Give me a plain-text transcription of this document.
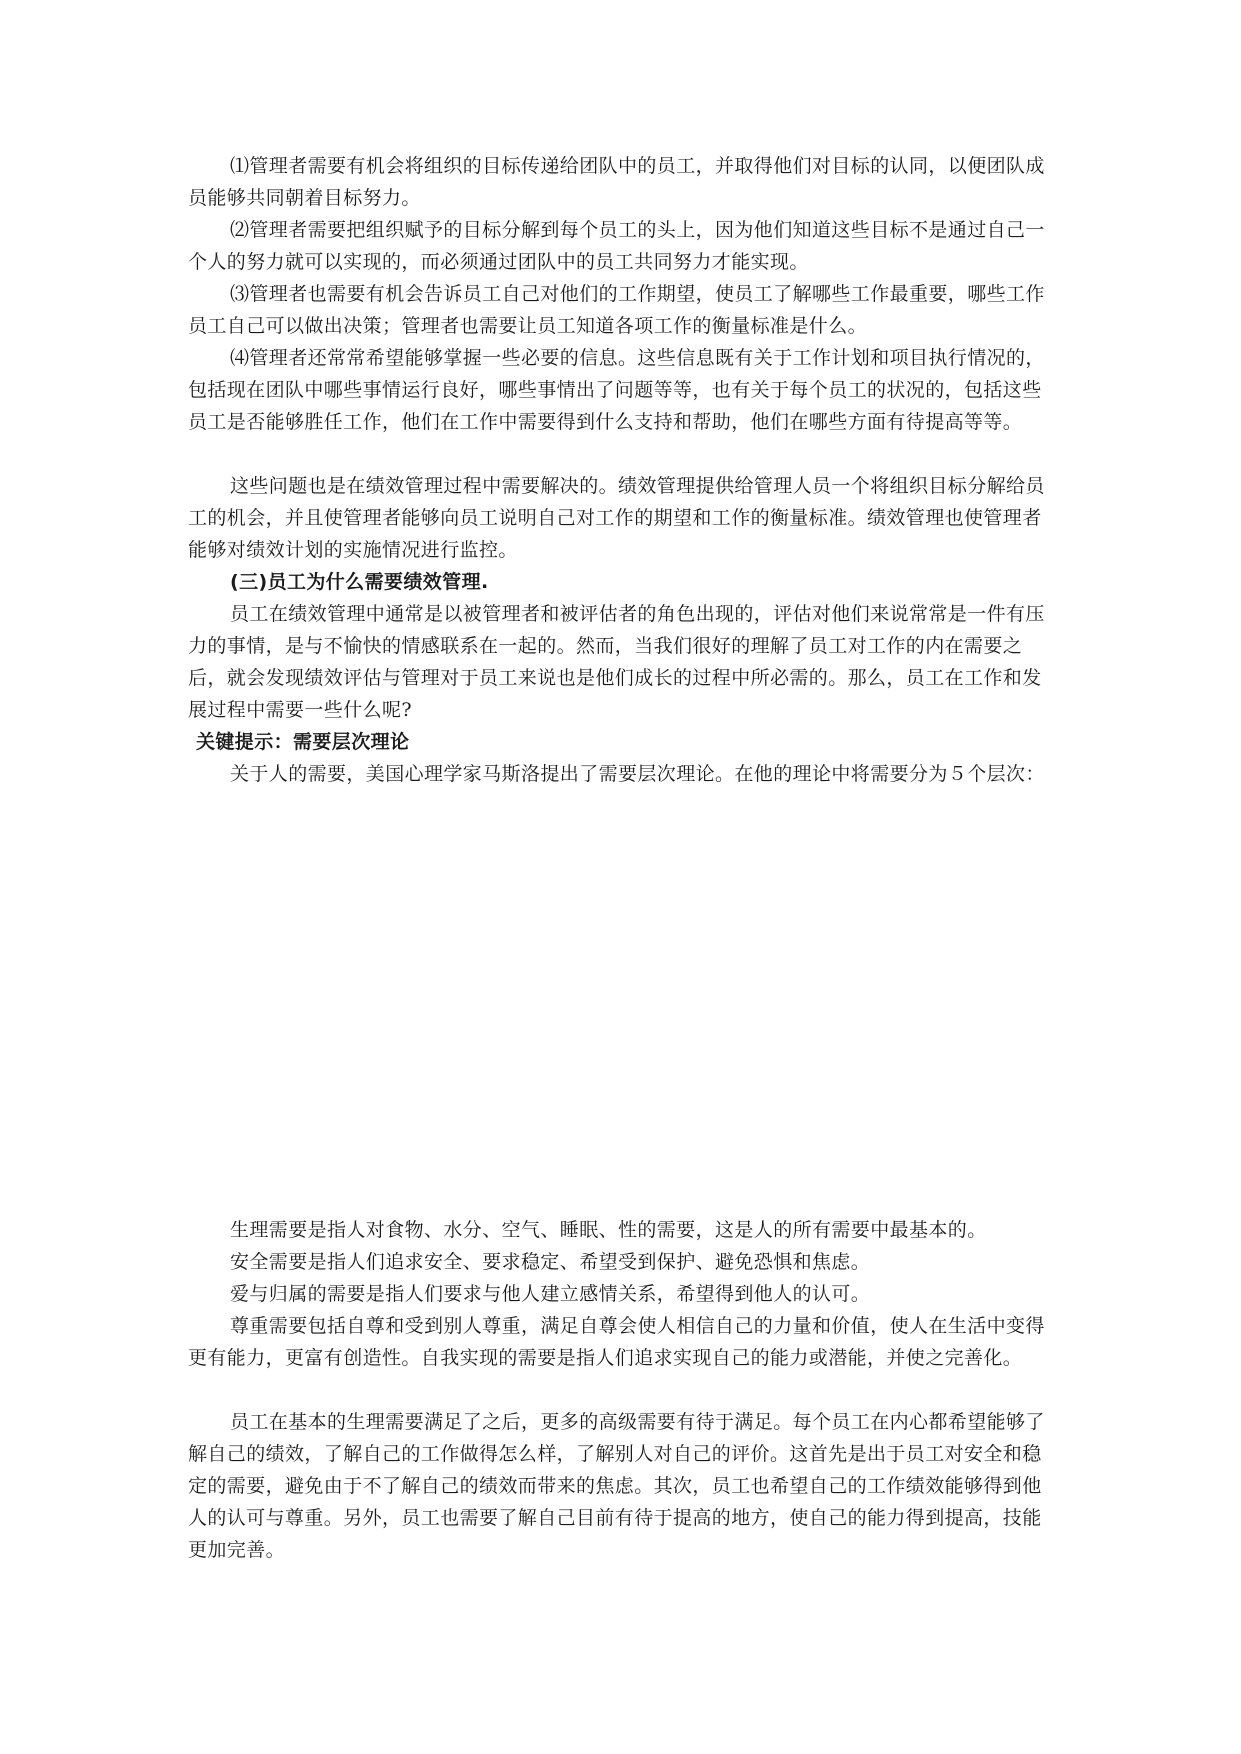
⑴管理者需要有机会将组织的目标传递给团队中的员工，并取得他们对目标的认同，以便团队成员能够共同朝着目标努力。

⑵管理者需要把组织赋予的目标分解到每个员工的头上，因为他们知道这些目标不是通过自己一个人的努力就可以实现的，而必须通过团队中的员工共同努力才能实现。

⑶管理者也需要有机会告诉员工自己对他们的工作期望，使员工了解哪些工作最重要，哪些工作员工自己可以做出决策；管理者也需要让员工知道各项工作的衡量标准是什么。

⑷管理者还常常希望能够掌握一些必要的信息。这些信息既有关于工作计划和项目执行情况的，包括现在团队中哪些事情运行良好，哪些事情出了问题等等，也有关于每个员工的状况的，包括这些员工是否能够胜任工作，他们在工作中需要得到什么支持和帮助，他们在哪些方面有待提高等等。

这些问题也是在绩效管理过程中需要解决的。绩效管理提供给管理人员一个将组织目标分解给员工的机会，并且使管理者能够向员工说明自己对工作的期望和工作的衡量标准。绩效管理也使管理者能够对绩效计划的实施情况进行监控。

(三)员工为什么需要绩效管理.

员工在绩效管理中通常是以被管理者和被评估者的角色出现的，评估对他们来说常常是一件有压力的事情，是与不愉快的情感联系在一起的。然而，当我们很好的理解了员工对工作的内在需要之后，就会发现绩效评估与管理对于员工来说也是他们成长的过程中所必需的。那么，员工在工作和发展过程中需要一些什么呢?

关键提示：需要层次理论

关于人的需要，美国心理学家马斯洛提出了需要层次理论。在他的理论中将需要分为５个层次：

生理需要是指人对食物、水分、空气、睡眠、性的需要，这是人的所有需要中最基本的。

安全需要是指人们追求安全、要求稳定、希望受到保护、避免恐惧和焦虑。

爱与归属的需要是指人们要求与他人建立感情关系，希望得到他人的认可。

尊重需要包括自尊和受到别人尊重，满足自尊会使人相信自己的力量和价值，使人在生活中变得更有能力，更富有创造性。自我实现的需要是指人们追求实现自己的能力或潜能，并使之完善化。

员工在基本的生理需要满足了之后，更多的高级需要有待于满足。每个员工在内心都希望能够了解自己的绩效，了解自己的工作做得怎么样，了解别人对自己的评价。这首先是出于员工对安全和稳定的需要，避免由于不了解自己的绩效而带来的焦虑。其次，员工也希望自己的工作绩效能够得到他人的认可与尊重。另外，员工也需要了解自己目前有待于提高的地方，使自己的能力得到提高，技能更加完善。
